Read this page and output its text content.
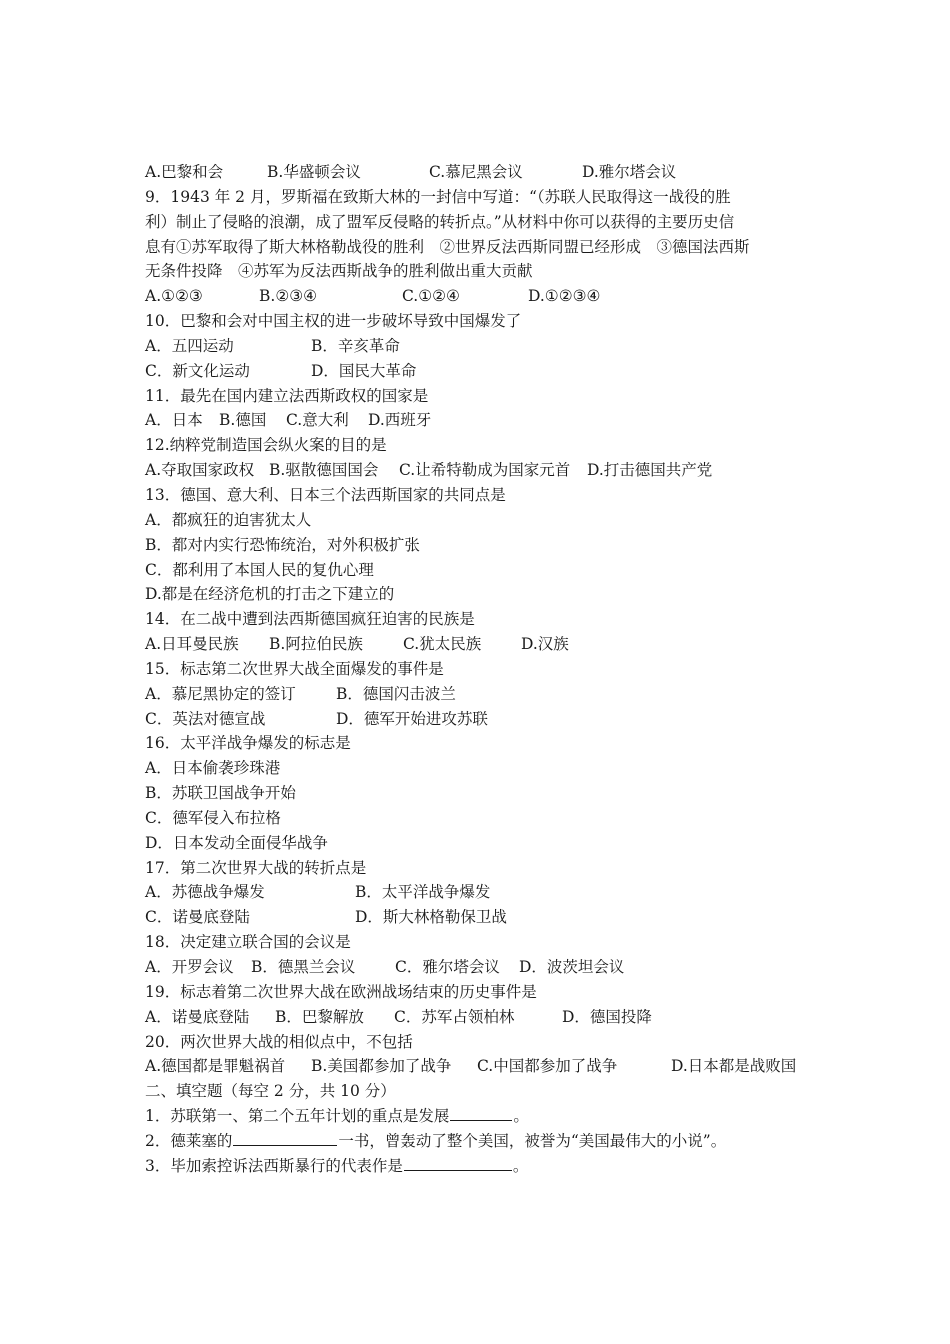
A.巴黎和会	B.华盛顿会议	C.慕尼黑会议	D.雅尔塔会议
9．1943 年 2 月，罗斯福在致斯大林的一封信中写道：“（苏联人民取得这一战役的胜
利）制止了侵略的浪潮，成了盟军反侵略的转折点。”从材料中你可以获得的主要历史信
息有①苏军取得了斯大林格勒战役的胜利　②世界反法西斯同盟已经形成　③德国法西斯
无条件投降　④苏军为反法西斯战争的胜利做出重大贡献
A.①②③	B.②③④	C.①②④	D.①②③④
10．巴黎和会对中国主权的进一步破坏导致中国爆发了
A．五四运动	B．辛亥革命
C．新文化运动	D．国民大革命
11．最先在国内建立法西斯政权的国家是
A．日本 B.德国 C.意大利 D.西班牙
12.纳粹党制造国会纵火案的目的是
A.夺取国家政权 B.驱散德国国会 C.让希特勒成为国家元首 D.打击德国共产党
13．德国、意大利、日本三个法西斯国家的共同点是
A．都疯狂的迫害犹太人
B．都对内实行恐怖统治，对外积极扩张
C．都利用了本国人民的复仇心理
D.都是在经济危机的打击之下建立的
14．在二战中遭到法西斯德国疯狂迫害的民族是
A.日耳曼民族 B.阿拉伯民族	C.犹太民族	D.汉族
15．标志第二次世界大战全面爆发的事件是
A．慕尼黑协定的签订	B．德国闪击波兰
C．英法对德宣战	D．德军开始进攻苏联
16．太平洋战争爆发的标志是
A．日本偷袭珍珠港
B．苏联卫国战争开始
C．德军侵入布拉格
D．日本发动全面侵华战争
17．第二次世界大战的转折点是
A．苏德战争爆发	B．太平洋战争爆发
C．诺曼底登陆	D．斯大林格勒保卫战
18．决定建立联合国的会议是
A．开罗会议 B．德黑兰会议	C．雅尔塔会议 D．波茨坦会议
19．标志着第二次世界大战在欧洲战场结束的历史事件是
A．诺曼底登陆 B．巴黎解放 C．苏军占领柏林	D．德国投降
20．两次世界大战的相似点中，不包括
A.德国都是罪魁祸首 B.美国都参加了战争 C.中国都参加了战争	D.日本都是战败国
二、填空题（每空 2 分，共 10 分）
1．苏联第一、第二个五年计划的重点是发展	。
2．德莱塞的	一书，曾轰动了整个美国，被誉为“美国最伟大的小说”。
3．毕加索控诉法西斯暴行的代表作是	。
